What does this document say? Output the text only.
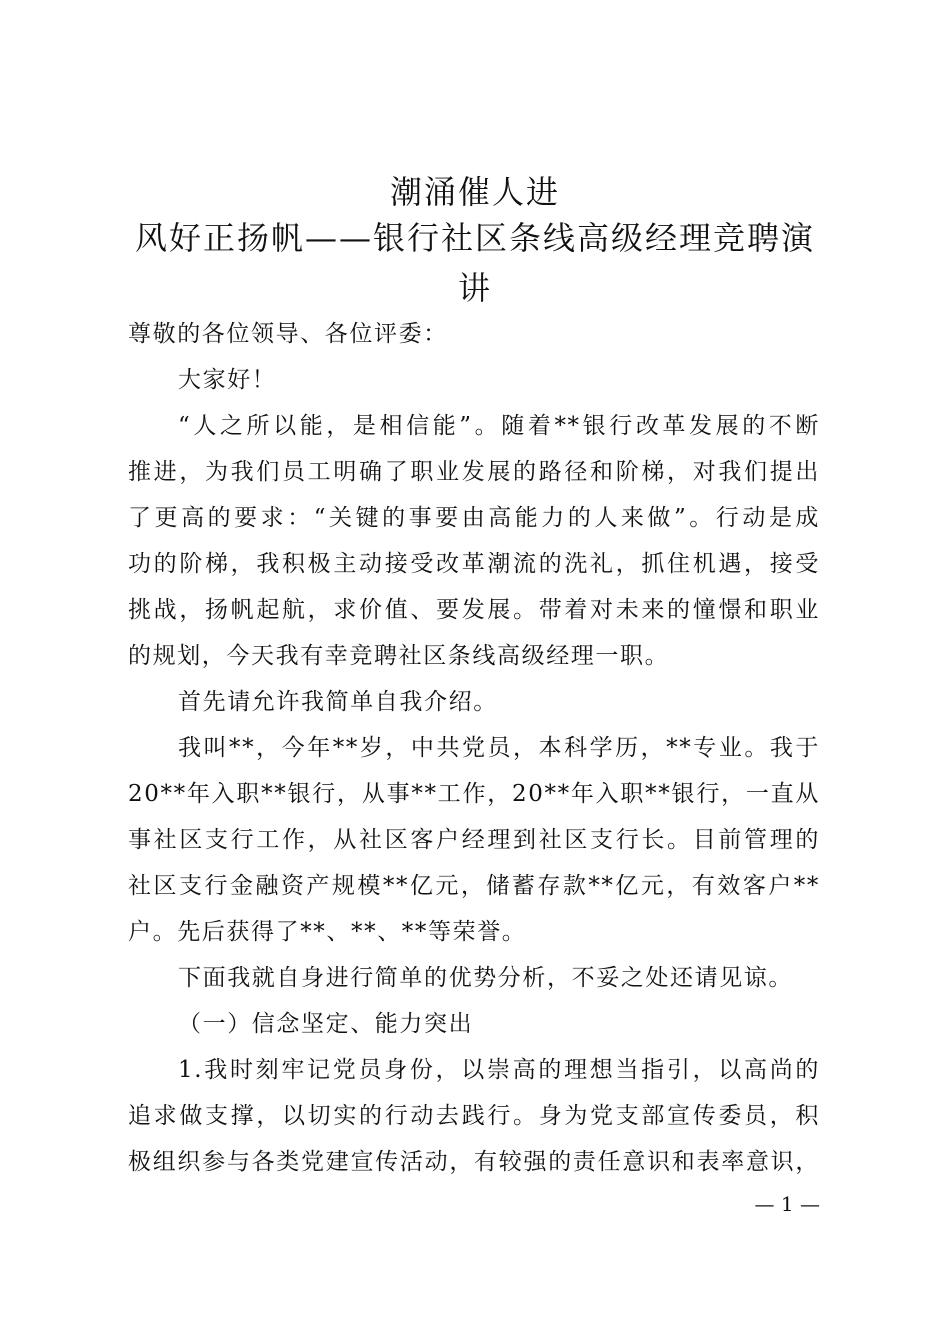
潮涌催人进
风好正扬帆——银行社区条线高级经理竞聘演
讲
尊敬的各位领导、各位评委：
大家好！
“人之所以能，是相信能”。随着**银行改革发展的不断
推进，为我们员工明确了职业发展的路径和阶梯，对我们提出
了更高的要求：“关键的事要由高能力的人来做”。行动是成
功的阶梯，我积极主动接受改革潮流的洗礼，抓住机遇，接受
挑战，扬帆起航，求价值、要发展。带着对未来的憧憬和职业
的规划，今天我有幸竞聘社区条线高级经理一职。
首先请允许我简单自我介绍。
我叫**，今年**岁，中共党员，本科学历，**专业。我于
20**年入职**银行，从事**工作，20**年入职**银行，一直从
事社区支行工作，从社区客户经理到社区支行长。目前管理的
社区支行金融资产规模**亿元，储蓄存款**亿元，有效客户**
户。先后获得了**、**、**等荣誉。
下面我就自身进行简单的优势分析，不妥之处还请见谅。
（一）信念坚定、能力突出
1.我时刻牢记党员身份，以崇高的理想当指引，以高尚的
追求做支撑，以切实的行动去践行。身为党支部宣传委员，积
极组织参与各类党建宣传活动，有较强的责任意识和表率意识，
— 1 —
